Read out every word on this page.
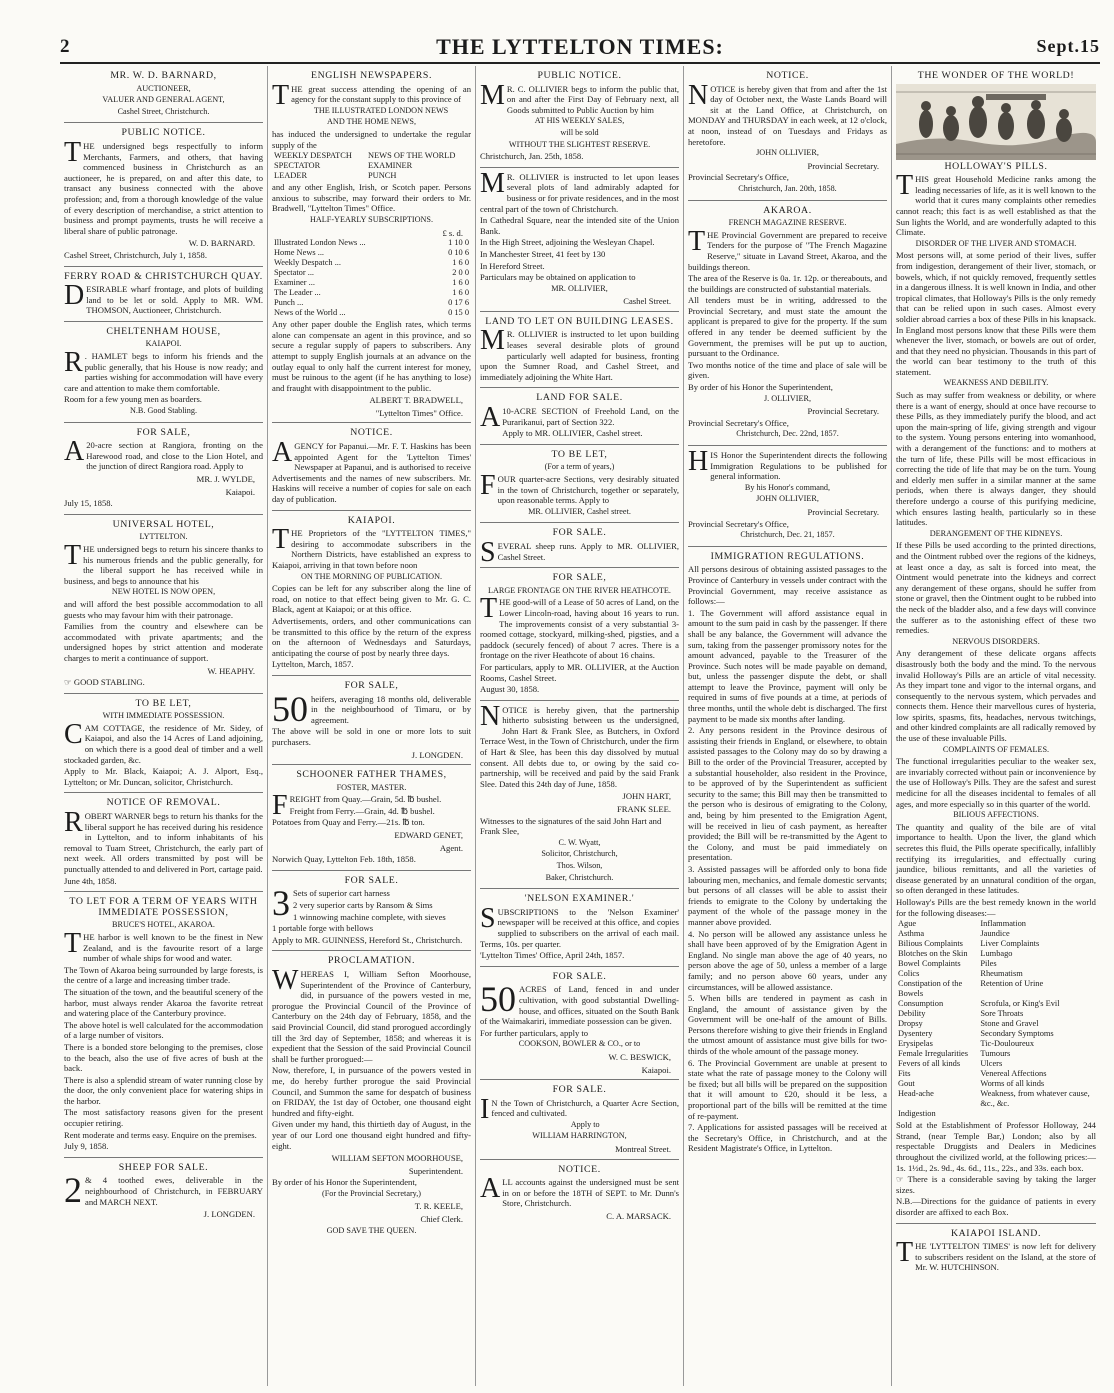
2	THE LYTTELTON TIMES:	Sept.15
MR. W. D. BARNARD,
AUCTIONEER,
VALUER AND GENERAL AGENT,
Cashel Street, Christchurch.
PUBLIC NOTICE.
THE undersigned begs respectfully to inform Merchants, Farmers, and others, that having commenced business in Christchurch as an auctioneer, he is prepared, on and after this date, to transact any business connected with the above profession; and, from a thorough knowledge of the value of every description of merchandise, a strict attention to business and prompt payments, trusts he will receive a liberal share of public patronage.
W. D. BARNARD.
Cashel Street, Christchurch, July 1, 1858.
FERRY ROAD & CHRISTCHURCH QUAY.
DESIRABLE wharf frontage, and plots of building land to be let or sold. Apply to MR. WM. THOMSON, Auctioneer, Christchurch.
CHELTENHAM HOUSE,
KAIAPOI.
R . HAMLET begs to inform his friends and the public generally, that his House is now ready; and parties wishing for accommodation will have every care and attention to make them comfortable.
Room for a few young men as boarders.
N.B. Good Stabling.
FOR SALE,
A 20-acre section at Rangiora, fronting on the Harewood road, and close to the Lion Hotel, and the junction of direct Rangiora road. Apply to
MR. J. WYLDE,
Kaiapoi.
July 15, 1858.
UNIVERSAL HOTEL,
LYTTELTON.
THE undersigned begs to return his sincere thanks to his numerous friends and the public generally, for the liberal support he has received while in business, and begs to announce that his
NEW HOTEL IS NOW OPEN,
and will afford the best possible accommodation to all guests who may favour him with their patronage.
Families from the country and elsewhere can be accommodated with private apartments; and the undersigned hopes by strict attention and moderate charges to merit a continuance of support.
W. HEAPHY.
☞ GOOD STABLING.
TO BE LET,
WITH IMMEDIATE POSSESSION.
CAM COTTAGE, the residence of Mr. Sidey, of Kaiapoi, and also the 14 Acres of Land adjoining, on which there is a good deal of timber and a well stockaded garden, &c.
Apply to Mr. Black, Kaiapoi; A. J. Alport, Esq., Lyttelton; or Mr. Duncan, solicitor, Christchurch.
NOTICE OF REMOVAL.
ROBERT WARNER begs to return his thanks for the liberal support he has received during his residence in Lyttelton, and to inform inhabitants of his removal to Tuam Street, Christchurch, the early part of next week. All orders transmitted by post will be punctually attended to and delivered in Port, cartage paid.
June 4th, 1858.
TO LET FOR A TERM OF YEARS WITH IMMEDIATE POSSESSION,
BRUCE'S HOTEL, AKAROA.
THE harbor is well known to be the finest in New Zealand, and is the favourite resort of a large number of whale ships for wood and water.
The Town of Akaroa being surrounded by large forests, is the centre of a large and increasing timber trade.
The situation of the town, and the beautiful scenery of the harbor, must always render Akaroa the favorite retreat and watering place of the Canterbury province.
The above hotel is well calculated for the accommodation of a large number of visitors.
There is a bonded store belonging to the premises, close to the beach, also the use of five acres of bush at the back.
There is also a splendid stream of water running close by the door, the only convenient place for watering ships in the harbor.
The most satisfactory reasons given for the present occupier retiring.
Rent moderate and terms easy. Enquire on the premises.
July 9, 1858.
SHEEP FOR SALE.
2 & 4 toothed ewes, deliverable in the neighbourhood of Christchurch, in FEBRUARY and MARCH NEXT.
J. LONGDEN.
ENGLISH NEWSPAPERS.
THE great success attending the opening of an agency for the constant supply to this province of
THE ILLUSTRATED LONDON NEWS
AND THE HOME NEWS,
has induced the undersigned to undertake the regular supply of the
WEEKLY DESPATCH	NEWS OF THE WORLD
SPECTATOR	EXAMINER
LEADER	PUNCH
and any other English, Irish, or Scotch paper. Persons anxious to subscribe, may forward their orders to Mr. Bradwell, "Lyttelton Times" Office.
HALF-YEARLY SUBSCRIPTIONS.
£ s. d.
Illustrated London News ...	1 10 0
Home News ...	0 10 6
Weekly Despatch ...	1 6 0
Spectator ...	2 0 0
Examiner ...	1 6 0
The Leader ...	1 6 0
Punch ...	0 17 6
News of the World ...	0 15 0
Any other paper double the English rates, which terms alone can compensate an agent in this province, and so secure a regular supply of papers to subscribers. Any attempt to supply English journals at an advance on the outlay equal to only half the current interest for money, must be ruinous to the agent (if he has anything to lose) and fraught with disappointment to the public.
ALBERT T. BRADWELL,
"Lyttelton Times" Office.
NOTICE.
AGENCY for Papanui.—Mr. F. T. Haskins has been appointed Agent for the 'Lyttelton Times' Newspaper at Papanui, and is authorised to receive Advertisements and the names of new subscribers. Mr. Haskins will receive a number of copies for sale on each day of publication.
KAIAPOI.
THE Proprietors of the "LYTTELTON TIMES," desiring to accommodate subscribers in the Northern Districts, have established an express to Kaiapoi, arriving in that town before noon
ON THE MORNING OF PUBLICATION.
Copies can be left for any subscriber along the line of road, on notice to that effect being given to Mr. G. C. Black, agent at Kaiapoi; or at this office.
Advertisements, orders, and other communications can be transmitted to this office by the return of the express on the afternoon of Wednesdays and Saturdays, anticipating the course of post by nearly three days.
Lyttelton, March, 1857.
FOR SALE,
50 heifers, averaging 18 months old, deliverable in the neighbourhood of Timaru, or by agreement.
The above will be sold in one or more lots to suit purchasers.
J. LONGDEN.
SCHOONER FATHER THAMES,
FOSTER, MASTER.
FREIGHT from Quay.—Grain, 5d. ℔ bushel.
Freight from Ferry.—Grain, 4d. ℔ bushel.
Potatoes from Quay and Ferry.—21s. ℔ ton.
EDWARD GENET,
Agent.
Norwich Quay, Lyttelton Feb. 18th, 1858.
FOR SALE.
3 Sets of superior cart harness
2 very superior carts by Ransom & Sims
1 winnowing machine complete, with sieves
1 portable forge with bellows
Apply to MR. GUINNESS, Hereford St., Christchurch.
PROCLAMATION.
WHEREAS I, William Sefton Moorhouse, Superintendent of the Province of Canterbury, did, in pursuance of the powers vested in me, prorogue the Provincial Council of the Province of Canterbury on the 24th day of February, 1858, and the said Provincial Council, did stand prorogued accordingly till the 3rd day of September, 1858; and whereas it is expedient that the Session of the said Provincial Council shall be further prorogued:—
Now, therefore, I, in pursuance of the powers vested in me, do hereby further prorogue the said Provincial Council, and Summon the same for despatch of business on FRIDAY, the 1st day of October, one thousand eight hundred and fifty-eight.
Given under my hand, this thirtieth day of August, in the year of our Lord one thousand eight hundred and fifty-eight.
WILLIAM SEFTON MOORHOUSE,
Superintendent.
By order of his Honor the Superintendent,
(For the Provincial Secretary,)
T. R. KEELE,
Chief Clerk.
GOD SAVE THE QUEEN.
PUBLIC NOTICE.
M R. C. OLLIVIER begs to inform the public that, on and after the First Day of February next, all Goods submitted to Public Auction by him
AT HIS WEEKLY SALES,
will be sold
WITHOUT THE SLIGHTEST RESERVE.
Christchurch, Jan. 25th, 1858.
M R. OLLIVIER is instructed to let upon leases several plots of land admirably adapted for business or for private residences, and in the most central part of the town of Christchurch.
In Cathedral Square, near the intended site of the Union Bank.
In the High Street, adjoining the Wesleyan Chapel.
In Manchester Street, 41 feet by 130
In Hereford Street.
Particulars may be obtained on application to
MR. OLLIVIER,
Cashel Street.
LAND TO LET ON BUILDING LEASES.
M R. OLLIVIER is instructed to let upon building leases several desirable plots of ground particularly well adapted for business, fronting upon the Sumner Road, and Cashel Street, and immediately adjoining the White Hart.
LAND FOR SALE.
A 10-ACRE SECTION of Freehold Land, on the Purarikanui, part of Section 322.
Apply to MR. OLLIVIER, Cashel street.
TO BE LET,
(For a term of years,)
FOUR quarter-acre Sections, very desirably situated in the town of Christchurch, together or separately, upon reasonable terms. Apply to
MR. OLLIVIER, Cashel street.
FOR SALE.
SEVERAL sheep runs. Apply to MR. OLLIVIER, Cashel Street.
FOR SALE,
LARGE FRONTAGE ON THE RIVER HEATHCOTE.
THE good-will of a Lease of 50 acres of Land, on the Lower Lincoln-road, having about 16 years to run. The improvements consist of a very substantial 3-roomed cottage, stockyard, milking-shed, pigsties, and a paddock (securely fenced) of about 7 acres. There is a frontage on the river Heathcote of about 16 chains.
For particulars, apply to MR. OLLIVIER, at the Auction Rooms, Cashel Street.
August 30, 1858.
NOTICE is hereby given, that the partnership hitherto subsisting between us the undersigned, John Hart & Frank Slee, as Butchers, in Oxford Terrace West, in the Town of Christchurch, under the firm of Hart & Slee, has been this day dissolved by mutual consent. All debts due to, or owing by the said co-partnership, will be received and paid by the said Frank Slee. Dated this 24th day of June, 1858.
JOHN HART,
FRANK SLEE.
Witnesses to the signatures of the said John Hart and Frank Slee,
C. W. Wyatt,
Solicitor, Christchurch,
Thos. Wilson,
Baker, Christchurch.
'NELSON EXAMINER.'
SUBSCRIPTIONS to the 'Nelson Examiner' newspaper will be received at this office, and copies supplied to subscribers on the arrival of each mail. Terms, 10s. per quarter.
'Lyttelton Times' Office, April 24th, 1857.
FOR SALE.
50 ACRES of Land, fenced in and under cultivation, with good substantial Dwelling-house, and offices, situated on the South Bank of the Waimakariri, immediate possession can be given.
For further particulars, apply to
COOKSON, BOWLER & CO., or to
W. C. BESWICK,
Kaiapoi.
FOR SALE.
I N the Town of Christchurch, a Quarter Acre Section, fenced and cultivated.
Apply to
WILLIAM HARRINGTON,
Montreal Street.
NOTICE.
ALL accounts against the undersigned must be sent in on or before the 18TH of SEPT. to Mr. Dunn's Store, Christchurch.
C. A. MARSACK.
NOTICE.
NOTICE is hereby given that from and after the 1st day of October next, the Waste Lands Board will sit at the Land Office, at Christchurch, on MONDAY and THURSDAY in each week, at 12 o'clock, at noon, instead of on Tuesdays and Fridays as heretofore.
JOHN OLLIVIER,
Provincial Secretary.
Provincial Secretary's Office,
Christchurch, Jan. 20th, 1858.
AKAROA.
FRENCH MAGAZINE RESERVE.
THE Provincial Government are prepared to receive Tenders for the purpose of "The French Magazine Reserve," situate in Lavand Street, Akaroa, and the buildings thereon.
The area of the Reserve is 0a. 1r. 12p. or thereabouts, and the buildings are constructed of substantial materials.
All tenders must be in writing, addressed to the Provincial Secretary, and must state the amount the applicant is prepared to give for the property. If the sum offered in any tender be deemed sufficient by the Government, the premises will be put up to auction, pursuant to the Ordinance.
Two months notice of the time and place of sale will be given.
By order of his Honor the Superintendent,
J. OLLIVIER,
Provincial Secretary.
Provincial Secretary's Office,
Christchurch, Dec. 22nd, 1857.
HIS Honor the Superintendent directs the following Immigration Regulations to be published for general information.
By his Honor's command,
JOHN OLLIVIER,
Provincial Secretary.
Provincial Secretary's Office,
Christchurch, Dec. 21, 1857.
IMMIGRATION REGULATIONS.
All persons desirous of obtaining assisted passages to the Province of Canterbury in vessels under contract with the Provincial Government, may receive assistance as follows:—
1. The Government will afford assistance equal in amount to the sum paid in cash by the passenger. If there shall be any balance, the Government will advance the sum, taking from the passenger promissory notes for the amount advanced, payable to the Treasurer of the Province. Such notes will be made payable on demand, but, unless the passenger dispute the debt, or shall attempt to leave the Province, payment will only be required in sums of five pounds at a time, at periods of three months, until the whole debt is discharged. The first payment to be made six months after landing.
2. Any persons resident in the Province desirous of assisting their friends in England, or elsewhere, to obtain assisted passages to the Colony may do so by drawing a Bill to the order of the Provincial Treasurer, accepted by a substantial householder, also resident in the Province, to be approved of by the Superintendent as sufficient security to the same; this Bill may then be transmitted to the person who is desirous of emigrating to the Colony, and, being by him presented to the Emigration Agent, will be received in lieu of cash payment, as hereafter provided; the Bill will be re-transmitted by the Agent to the Colony, and must be paid immediately on presentation.
3. Assisted passages will be afforded only to bona fide labouring men, mechanics, and female domestic servants; but persons of all classes will be able to assist their friends to emigrate to the Colony by undertaking the payment of the whole of the passage money in the manner above provided.
4. No person will be allowed any assistance unless he shall have been approved of by the Emigration Agent in England. No single man above the age of 40 years, no person above the age of 50, unless a member of a large family; and no person above 60 years, under any circumstances, will be allowed assistance.
5. When bills are tendered in payment as cash in England, the amount of assistance given by the Government will be one-half of the amount of Bills. Persons therefore wishing to give their friends in England the utmost amount of assistance must give bills for two-thirds of the whole amount of the passage money.
6. The Provincial Government are unable at present to state what the rate of passage money to the Colony will be fixed; but all bills will be prepared on the supposition that it will amount to £20, should it be less, a proportional part of the bills will be remitted at the time of re-payment.
7. Applications for assisted passages will be received at the Secretary's Office, in Christchurch, and at the Resident Magistrate's Office, in Lyttelton.
THE WONDER OF THE WORLD!
HOLLOWAY'S PILLS.
THIS great Household Medicine ranks among the leading necessaries of life, as it is well known to the world that it cures many complaints other remedies cannot reach; this fact is as well established as that the Sun lights the World, and are wonderfully adapted to this Climate.
DISORDER OF THE LIVER AND STOMACH.
Most persons will, at some period of their lives, suffer from indigestion, derangement of their liver, stomach, or bowels, which, if not quickly removed, frequently settles in a dangerous illness. It is well known in India, and other tropical climates, that Holloway's Pills is the only remedy that can be relied upon in such cases. Almost every soldier abroad carries a box of these Pills in his knapsack. In England most persons know that these Pills were them whenever the liver, stomach, or bowels are out of order, and that they need no physician. Thousands in this part of the world can bear testimony to the truth of this statement.
WEAKNESS AND DEBILITY.
Such as may suffer from weakness or debility, or where there is a want of energy, should at once have recourse to these Pills, as they immediately purify the blood, and act upon the main-spring of life, giving strength and vigour to the system. Young persons entering into womanhood, with a derangement of the functions: and to mothers at the turn of life, these Pills will be most efficacious in correcting the tide of life that may be on the turn. Young and elderly men suffer in a similar manner at the same periods, when there is always danger, they should therefore undergo a course of this purifying medicine, which ensures lasting health, particularly so in these latitudes.
DERANGEMENT OF THE KIDNEYS.
If these Pills be used according to the printed directions, and the Ointment rubbed over the regions of the kidneys, at least once a day, as salt is forced into meat, the Ointment would penetrate into the kidneys and correct any derangement of these organs, should he suffer from stone or gravel, then the Ointment ought to be rubbed into the neck of the bladder also, and a few days will convince the sufferer as to the astonishing effect of these two remedies.
NERVOUS DISORDERS.
Any derangement of these delicate organs affects disastrously both the body and the mind. To the nervous invalid Holloway's Pills are an article of vital necessity. As they impart tone and vigor to the internal organs, and consequently to the nervous system, which pervades and connects them. Hence their marvellous cures of hysteria, low spirits, spasms, fits, headaches, nervous twitchings, and other kindred complaints are all radically removed by the use of these invaluable Pills.
COMPLAINTS OF FEMALES.
The functional irregularities peculiar to the weaker sex, are invariably corrected without pain or inconvenience by the use of Holloway's Pills. They are the safest and surest medicine for all the diseases incidental to females of all ages, and more especially so in this quarter of the world.
BILIOUS AFFECTIONS.
The quantity and quality of the bile are of vital importance to health. Upon the liver, the gland which secretes this fluid, the Pills operate specifically, infallibly rectifying its irregularities, and effectually curing jaundice, bilious remittants, and all the varieties of disease generated by an unnatural condition of the organ, so often deranged in these latitudes.
Holloway's Pills are the best remedy known in the world for the following diseases:—
Ague	Inflammation
Asthma	Jaundice
Bilious Complaints	Liver Complaints
Blotches on the Skin	Lumbago
Bowel Complaints	Piles
Colics	Rheumatism
Constipation of the Bowels	Retention of Urine
Consumption	Scrofula, or King's Evil
Debility	Sore Throats
Dropsy	Stone and Gravel
Dysentery	Secondary Symptoms
Erysipelas	Tic-Douloureux
Female Irregularities	Tumours
Fevers of all kinds	Ulcers
Fits	Venereal Affections
Gout	Worms of all kinds
Head-ache	Weakness, from whatever cause, &c., &c.
Indigestion	
Sold at the Establishment of Professor Holloway, 244 Strand, (near Temple Bar,) London; also by all respectable Druggists and Dealers in Medicines throughout the civilized world, at the following prices:—1s. 1½d., 2s. 9d., 4s. 6d., 11s., 22s., and 33s. each box.
☞ There is a considerable saving by taking the larger sizes.
N.B.—Directions for the guidance of patients in every disorder are affixed to each Box.
KAIAPOI ISLAND.
THE 'LYTTELTON TIMES' is now left for delivery to subscribers resident on the Island, at the store of Mr. W. HUTCHINSON.
